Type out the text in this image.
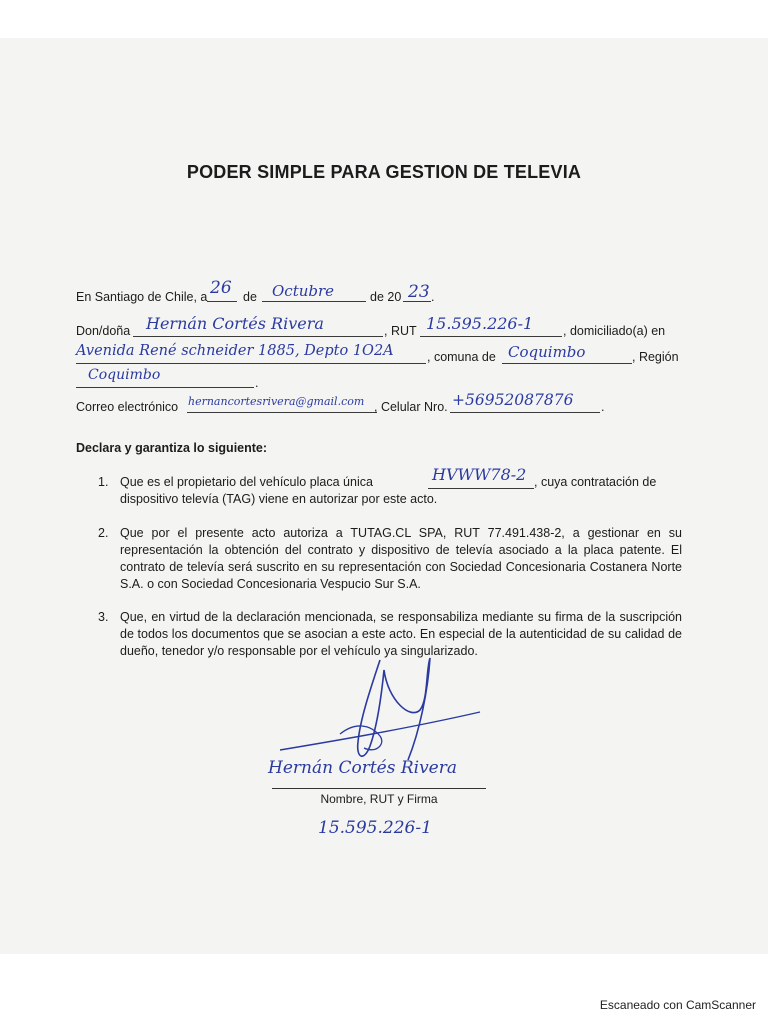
PODER SIMPLE PARA GESTION DE TELEVIA
En Santiago de Chile, a 26 de Octubre	de 20 23 .
Don/doña Hernán Cortés Rivera	, RUT 15.595.226-1 , domiciliado(a) en
Avenida René schneider 1885, Depto 1O2A	, comuna de Coquimbo	, Región
Coquimbo	.
Correo electrónico hernancortesrivera@gmail.com , Celular Nro. +56952087876 .
Declara y garantiza lo siguiente:
1. Que es el propietario del vehículo placa única	HVWW78-2 , cuya contratación de
dispositivo televía (TAG) viene en autorizar por este acto.
2. Que por el presente acto autoriza a TUTAG.CL SPA, RUT 77.491.438-2, a gestionar en su representación la obtención del contrato y dispositivo de televía asociado a la placa patente. El contrato de televía será suscrito en su representación con Sociedad Concesionaria Costanera Norte S.A. o con Sociedad Concesionaria Vespucio Sur S.A.
3. Que, en virtud de la declaración mencionada, se responsabiliza mediante su firma de la suscripción de todos los documentos que se asocian a este acto. En especial de la autenticidad de su calidad de dueño, tenedor y/o responsable por el vehículo ya singularizado.
Hernán Cortés Rivera
Nombre, RUT y Firma
15.595.226-1
Escaneado con CamScanner
